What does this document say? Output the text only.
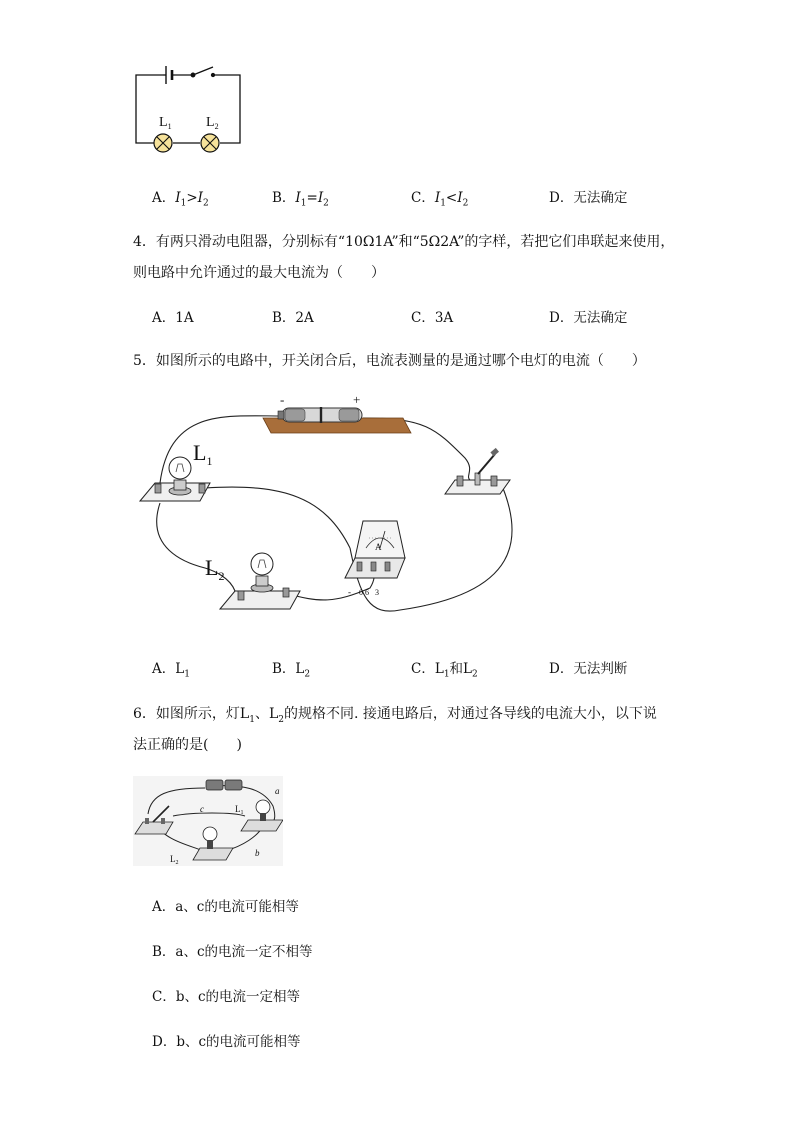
$L_1$ $L_2$
A．$I_1>I_2$	B．$I_1=I_2$	C．$I_1<I_2$	D．无法确定
4．有两只滑动电阻器，分别标有“10Ω1A”和“5Ω2A”的字样，若把它们串联起来使用，
则电路中允许通过的最大电流为（　　）
A．1A	B．2A	C．3A	D．无法确定
5．如图所示的电路中，开关闭合后，电流表测量的是通过哪个电灯的电流（　　）
-	+
$L_1$
$L_2$
A
0.6 3
-
A．$L_1$	B．$L_2$	C．$L_1$和$L_2$	D．无法判断
6．如图所示，灯$L_1$、$L_2$的规格不同. 接通电路后，对通过各导线的电流大小，以下说
法正确的是(　　)
a
b
c	$L_1$
$L_2$
A．a、c的电流可能相等
B．a、c的电流一定不相等
C．b、c的电流一定相等
D．b、c的电流可能相等
